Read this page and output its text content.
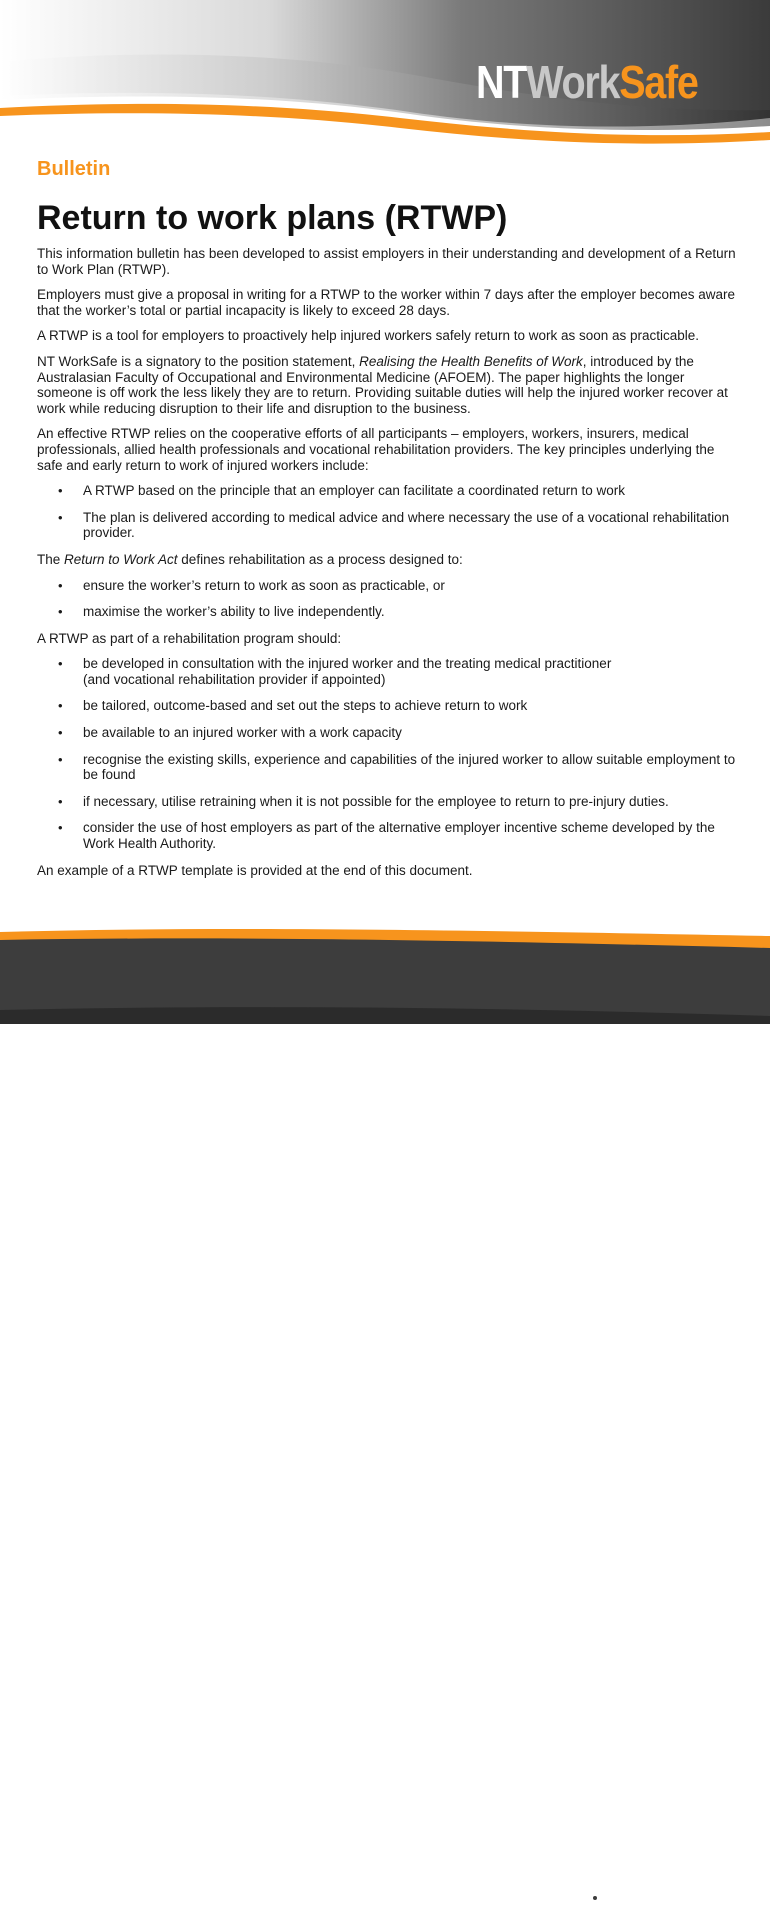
NTWorkSafe

Bulletin

Return to work plans (RTWP)

This information bulletin has been developed to assist employers in their understanding and development of a Return to Work Plan (RTWP).

Employers must give a proposal in writing for a RTWP to the worker within 7 days after the employer becomes aware that the worker’s total or partial incapacity is likely to exceed 28 days.

A RTWP is a tool for employers to proactively help injured workers safely return to work as soon as practicable.

NT WorkSafe is a signatory to the position statement, Realising the Health Benefits of Work, introduced by the Australasian Faculty of Occupational and Environmental Medicine (AFOEM). The paper highlights the longer someone is off work the less likely they are to return. Providing suitable duties will help the injured worker recover at work while reducing disruption to their life and disruption to the business.

An effective RTWP relies on the cooperative efforts of all participants – employers, workers, insurers, medical professionals, allied health professionals and vocational rehabilitation providers. The key principles underlying the safe and early return to work of injured workers include:

• A RTWP based on the principle that an employer can facilitate a coordinated return to work
• The plan is delivered according to medical advice and where necessary the use of a vocational rehabilitation provider.

The Return to Work Act defines rehabilitation as a process designed to:

• ensure the worker’s return to work as soon as practicable, or
• maximise the worker’s ability to live independently.

A RTWP as part of a rehabilitation program should:

• be developed in consultation with the injured worker and the treating medical practitioner
(and vocational rehabilitation provider if appointed)
• be tailored, outcome-based and set out the steps to achieve return to work
• be available to an injured worker with a work capacity
• recognise the existing skills, experience and capabilities of the injured worker to allow suitable employment to be found
• if necessary, utilise retraining when it is not possible for the employee to return to pre-injury duties.
• consider the use of host employers as part of the alternative employer incentive scheme developed by the Work Health Authority.

An example of a RTWP template is provided at the end of this document.

www.worksafe.nt.gov.au
Northern Territory
Government
